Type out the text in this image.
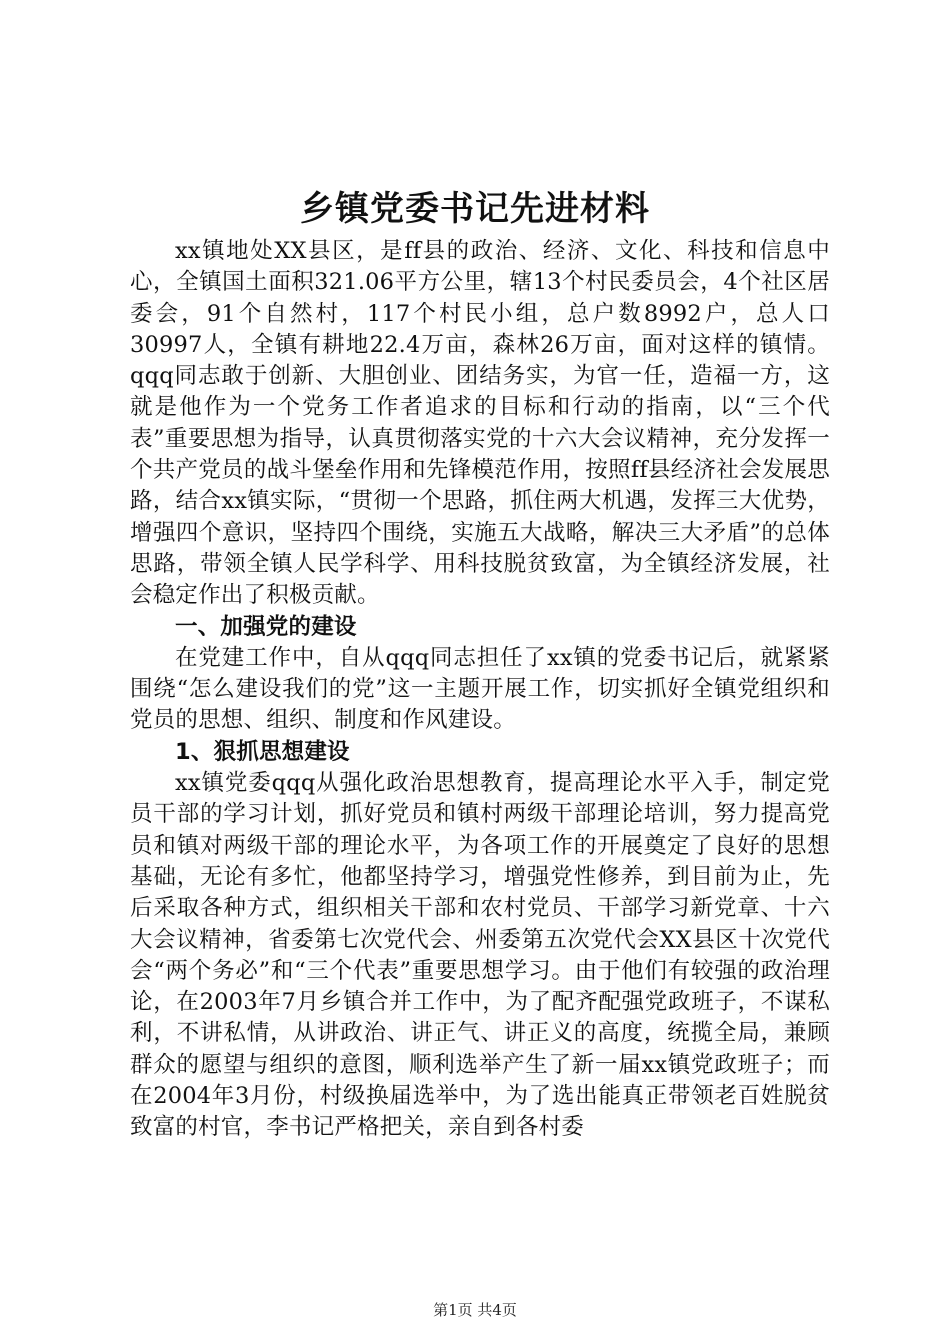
乡镇党委书记先进材料

xx镇地处XX县区，是ff县的政治、经济、文化、科技和信息中心，全镇国土面积321.06平方公里，辖13个村民委员会，4个社区居委会，91个自然村，117个村民小组，总户数8992户，总人口30997人，全镇有耕地22.4万亩，森林26万亩，面对这样的镇情。qqq同志敢于创新、大胆创业、团结务实，为官一任，造福一方，这就是他作为一个党务工作者追求的目标和行动的指南，以“三个代表”重要思想为指导，认真贯彻落实党的十六大会议精神，充分发挥一个共产党员的战斗堡垒作用和先锋模范作用，按照ff县经济社会发展思路，结合xx镇实际，“贯彻一个思路，抓住两大机遇，发挥三大优势，增强四个意识，坚持四个围绕，实施五大战略，解决三大矛盾”的总体思路，带领全镇人民学科学、用科技脱贫致富，为全镇经济发展，社会稳定作出了积极贡献。

一、加强党的建设

在党建工作中，自从qqq同志担任了xx镇的党委书记后，就紧紧围绕“怎么建设我们的党”这一主题开展工作，切实抓好全镇党组织和党员的思想、组织、制度和作风建设。

1、狠抓思想建设

xx镇党委qqq从强化政治思想教育，提高理论水平入手，制定党员干部的学习计划，抓好党员和镇村两级干部理论培训，努力提高党员和镇对两级干部的理论水平，为各项工作的开展奠定了良好的思想基础，无论有多忙，他都坚持学习，增强党性修养，到目前为止，先后采取各种方式，组织相关干部和农村党员、干部学习新党章、十六大会议精神，省委第七次党代会、州委第五次党代会XX县区十次党代会“两个务必”和“三个代表”重要思想学习。由于他们有较强的政治理论，在2003年7月乡镇合并工作中，为了配齐配强党政班子，不谋私利，不讲私情，从讲政治、讲正气、讲正义的高度，统揽全局，兼顾群众的愿望与组织的意图，顺利选举产生了新一届xx镇党政班子；而在2004年3月份，村级换届选举中，为了选出能真正带领老百姓脱贫致富的村官，李书记严格把关，亲自到各村委

第1页 共4页
